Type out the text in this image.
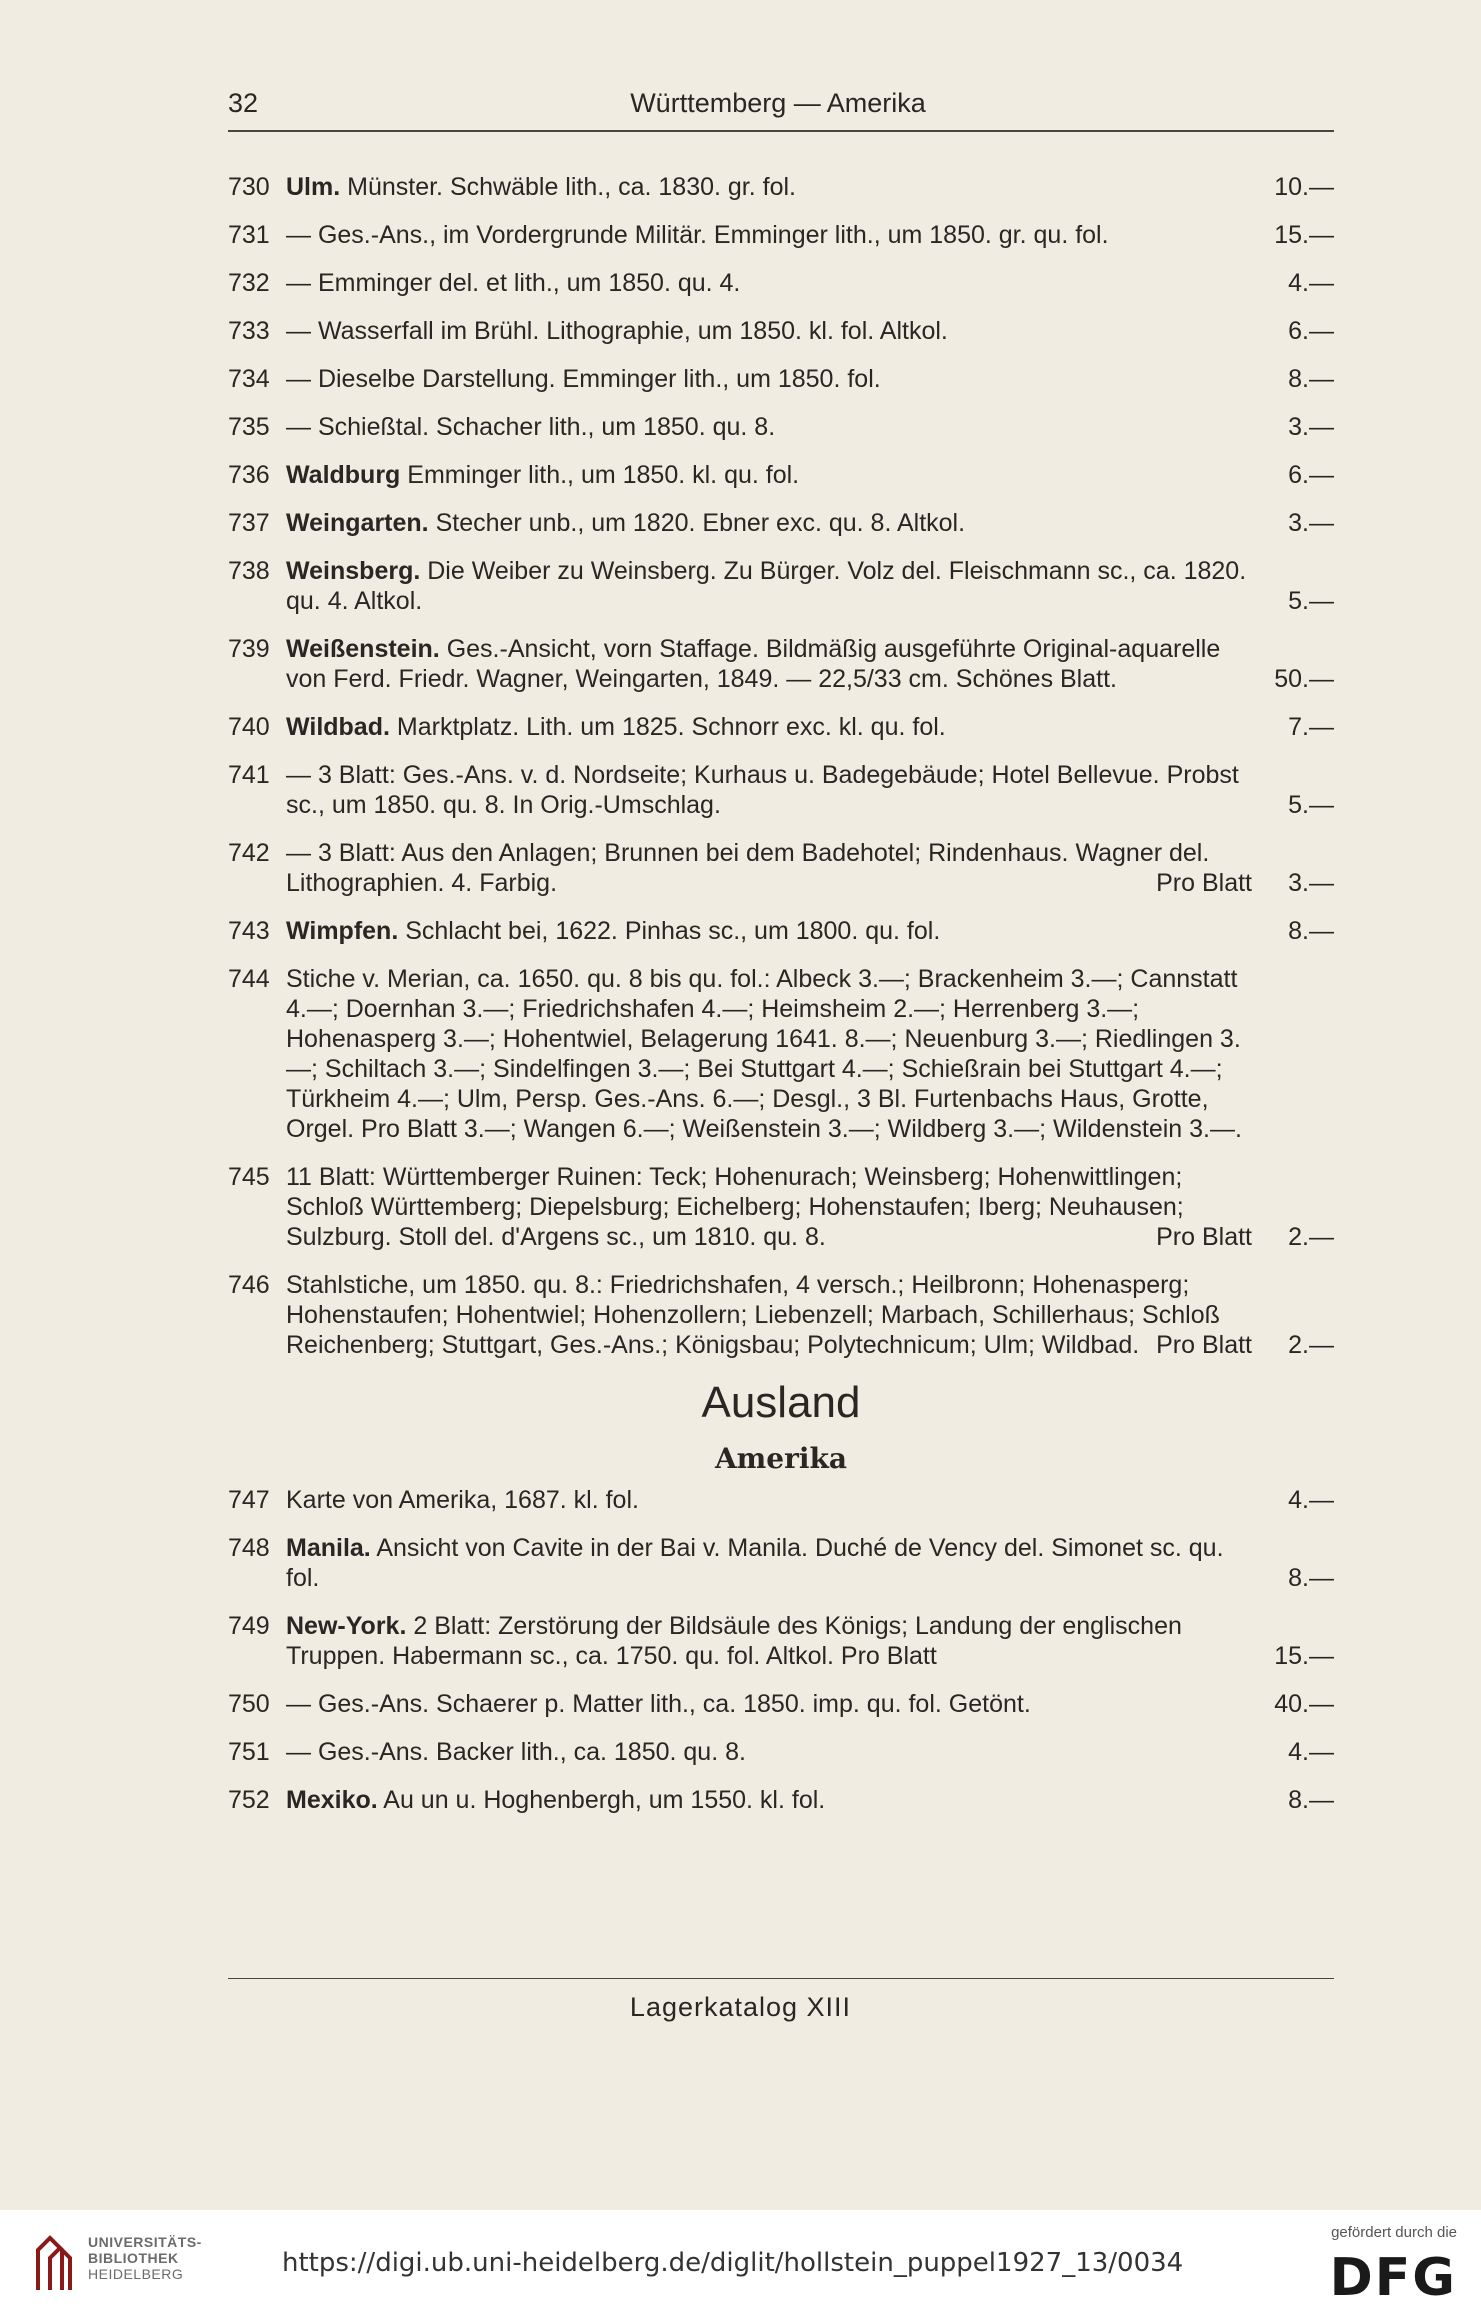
32	Württemberg — Amerika
730 Ulm. Münster. Schwäble lith., ca. 1830. gr. fol.	10.—
731 — Ges.-Ans., im Vordergrunde Militär. Emminger lith., um 1850. gr. qu. fol.	15.—
732 — Emminger del. et lith., um 1850. qu. 4.	4.—
733 — Wasserfall im Brühl. Lithographie, um 1850. kl. fol. Altkol.	6.—
734 — Dieselbe Darstellung. Emminger lith., um 1850. fol.	8.—
735 — Schießtal. Schacher lith., um 1850. qu. 8.	3.—
736 Waldburg Emminger lith., um 1850. kl. qu. fol.	6.—
737 Weingarten. Stecher unb., um 1820. Ebner exc. qu. 8. Altkol.	3.—
738 Weinsberg. Die Weiber zu Weinsberg. Zu Bürger. Volz del. Fleischmann sc., ca. 1820. qu. 4. Altkol.	5.—
739 Weißenstein. Ges.-Ansicht, vorn Staffage. Bildmäßig ausgeführte Original-aquarelle von Ferd. Friedr. Wagner, Weingarten, 1849. — 22,5/33 cm. Schönes Blatt.	50.—
740 Wildbad. Marktplatz. Lith. um 1825. Schnorr exc. kl. qu. fol.	7.—
741 — 3 Blatt: Ges.-Ans. v. d. Nordseite; Kurhaus u. Badegebäude; Hotel Bellevue. Probst sc., um 1850. qu. 8. In Orig.-Umschlag.	5.—
742 — 3 Blatt: Aus den Anlagen; Brunnen bei dem Badehotel; Rindenhaus. Wagner del. Lithographien. 4. Farbig.	Pro Blatt	3.—
743 Wimpfen. Schlacht bei, 1622. Pinhas sc., um 1800. qu. fol.	8.—
744 Stiche v. Merian, ca. 1650. qu. 8 bis qu. fol.: Albeck 3.—; Brackenheim 3.—; Cannstatt 4.—; Doernhan 3.—; Friedrichshafen 4.—; Heimsheim 2.—; Herrenberg 3.—; Hohenasperg 3.—; Hohentwiel, Belagerung 1641. 8.—; Neuenburg 3.—; Riedlingen 3.—; Schiltach 3.—; Sindelfingen 3.—; Bei Stuttgart 4.—; Schießrain bei Stuttgart 4.—; Türkheim 4.—; Ulm, Persp. Ges.-Ans. 6.—; Desgl., 3 Bl. Furtenbachs Haus, Grotte, Orgel. Pro Blatt 3.—; Wangen 6.—; Weißenstein 3.—; Wildberg 3.—; Wildenstein 3.—.
745 11 Blatt: Württemberger Ruinen: Teck; Hohenurach; Weinsberg; Hohenwittlingen; Schloß Württemberg; Diepelsburg; Eichelberg; Hohenstaufen; Iberg; Neuhausen; Sulzburg. Stoll del. d'Argens sc., um 1810. qu. 8.	Pro Blatt	2.—
746 Stahlstiche, um 1850. qu. 8.: Friedrichshafen, 4 versch.; Heilbronn; Hohenasperg; Hohenstaufen; Hohentwiel; Hohenzollern; Liebenzell; Marbach, Schillerhaus; Schloß Reichenberg; Stuttgart, Ges.-Ans.; Königsbau; Polytechnicum; Ulm; Wildbad. Pro Blatt	2.—
Ausland
Amerika
747 Karte von Amerika, 1687. kl. fol.	4.—
748 Manila. Ansicht von Cavite in der Bai v. Manila. Duché de Vency del. Simonet sc. qu. fol.	8.—
749 New-York. 2 Blatt: Zerstörung der Bildsäule des Königs; Landung der englischen Truppen. Habermann sc., ca. 1750. qu. fol. Altkol. Pro Blatt	15.—
750 — Ges.-Ans. Schaerer p. Matter lith., ca. 1850. imp. qu. fol. Getönt.	40.—
751 — Ges.-Ans. Backer lith., ca. 1850. qu. 8.	4.—
752 Mexiko. Au un u. Hoghenbergh, um 1550. kl. fol.	8.—
Lagerkatalog XIII
UNIVERSITÄTS-
BIBLIOTHEK
HEIDELBERG	https://digi.ub.uni-heidelberg.de/diglit/hollstein_puppel1927_13/0034
gefördert durch die
DFG
